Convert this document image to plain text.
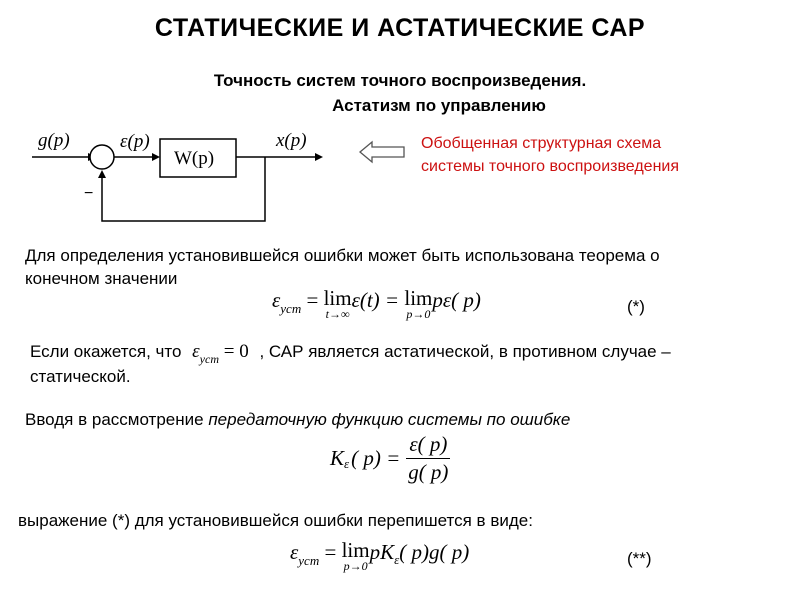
СТАТИЧЕСКИЕ И АСТАТИЧЕСКИЕ САР
Точность систем точного воспроизведения.
Астатизм по управлению
g(p)	ε(p)
W(p)
x(p)
−
Обобщенная структурная схема
системы точного воспроизведения
Для определения установившейся ошибки может быть использована теорема о
конечном значении
$\varepsilon_{уст} = \lim$
t→∞
ε(t) = lim
p→0
pε( p)	(*)
Если окажется, что $\varepsilon_{уст} = 0$ , САР является астатической, в противном случае –
статической.
Вводя в рассмотрение передаточную функцию системы по ошибке
K ε ( $p) = \frac{\varepsilon( p)}{g( p)}$
выражение (*) для установившейся ошибки перепишется в виде:
$\varepsilon_{уст} = \lim$
p→0
$pK_\varepsilon$( p)g( p)	(**)
